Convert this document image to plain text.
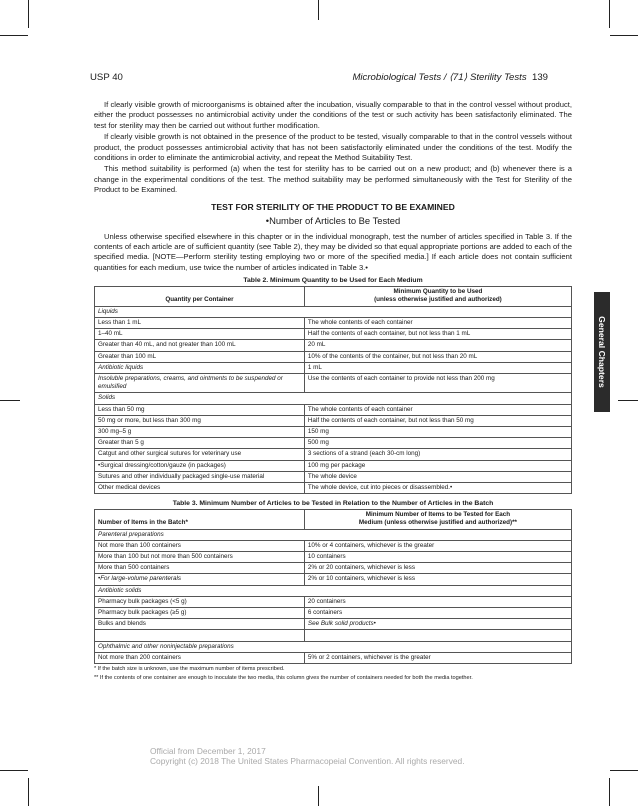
USP 40	Microbiological Tests / ⟨71⟩ Sterility Tests 139

If clearly visible growth of microorganisms is obtained after the incubation, visually comparable to that in the control vessel without product, either the product possesses no antimicrobial activity under the conditions of the test or such activity has been satisfactorily eliminated. The test for sterility may then be carried out without further modification.

If clearly visible growth is not obtained in the presence of the product to be tested, visually comparable to that in the control vessels without product, the product possesses antimicrobial activity that has not been satisfactorily eliminated under the conditions of the test. Modify the conditions in order to eliminate the antimicrobial activity, and repeat the Method Suitability Test.

This method suitability is performed (a) when the test for sterility has to be carried out on a new product; and (b) whenever there is a change in the experimental conditions of the test. The method suitability may be performed simultaneously with the Test for Sterility of the Product to be Examined.

TEST FOR STERILITY OF THE PRODUCT TO BE EXAMINED
•Number of Articles to Be Tested

Unless otherwise specified elsewhere in this chapter or in the individual monograph, test the number of articles specified in Table 3. If the contents of each article are of sufficient quantity (see Table 2), they may be divided so that equal appropriate portions are added to each of the specified media. [NOTE—Perform sterility testing employing two or more of the specified media.] If each article does not contain sufficient quantities for each medium, use twice the number of articles indicated in Table 3.•

Table 2. Minimum Quantity to be Used for Each Medium
Quantity per Container	Minimum Quantity to be Used
(unless otherwise justified and authorized)

Liquids	
Less than 1 mL	The whole contents of each container
1–40 mL	Half the contents of each container, but not less than 1 mL
Greater than 40 mL, and not greater than 100 mL	20 mL
Greater than 100 mL	10% of the contents of the container, but not less than 20 mL
Antibiotic liquids	1 mL
Insoluble preparations, creams, and ointments to be suspended or emulsified	Use the contents of each container to provide not less than 200 mg
Solids	
Less than 50 mg	The whole contents of each container
50 mg or more, but less than 300 mg	Half the contents of each container, but not less than 50 mg
300 mg–5 g	150 mg
Greater than 5 g	500 mg
Catgut and other surgical sutures for veterinary use	3 sections of a strand (each 30-cm long)
•Surgical dressing/cotton/gauze (in packages)	100 mg per package
Sutures and other individually packaged single-use material	The whole device
Other medical devices	The whole device, cut into pieces or disassembled.•
Table 3. Minimum Number of Articles to be Tested in Relation to the Number of Articles in the Batch
Number of Items in the Batch*	Minimum Number of Items to be Tested for Each
Medium (unless otherwise justified and authorized)**

Parenteral preparations	
Not more than 100 containers	10% or 4 containers, whichever is the greater
More than 100 but not more than 500 containers	10 containers
More than 500 containers	2% or 20 containers, whichever is less
•For large-volume parenterals	2% or 10 containers, whichever is less
Antibiotic solids	
Pharmacy bulk packages (<5 g)	20 containers
Pharmacy bulk packages (≥5 g)	6 containers
Bulks and blends	See Bulk solid products•

Ophthalmic and other noninjectable preparations	
Not more than 200 containers	5% or 2 containers, whichever is the greater
* If the batch size is unknown, use the maximum number of items prescribed.
** If the contents of one container are enough to inoculate the two media, this column gives the number of containers needed for both the media together.
General Chapters
Official from December 1, 2017
Copyright (c) 2018 The United States Pharmacopeial Convention. All rights reserved.
